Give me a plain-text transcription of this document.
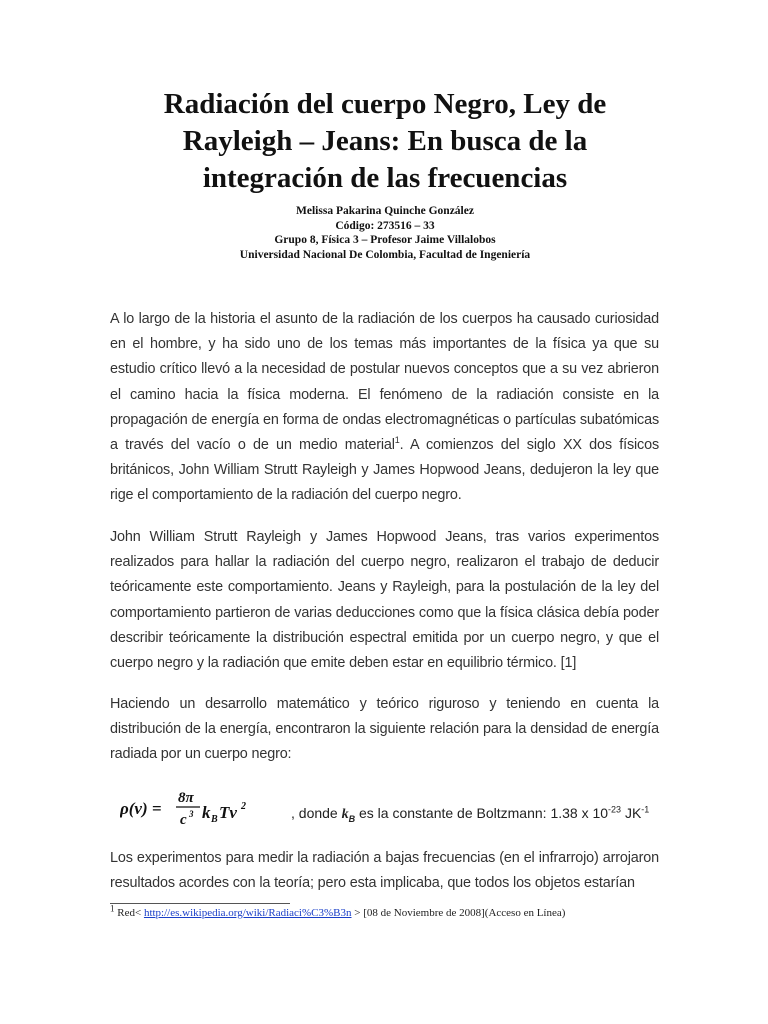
Radiación del cuerpo Negro, Ley de
Rayleigh – Jeans: En busca de la
integración de las frecuencias
Melissa Pakarina Quinche González
Código: 273516 – 33
Grupo 8, Física 3 – Profesor Jaime Villalobos
Universidad Nacional De Colombia, Facultad de Ingeniería
A lo largo de la historia el asunto de la radiación de los cuerpos ha causado curiosidad en el hombre, y ha sido uno de los temas más importantes de la física ya que su estudio crítico llevó a la necesidad de postular nuevos conceptos que a su vez abrieron el camino hacia la física moderna. El fenómeno de la radiación consiste en la propagación de energía en forma de ondas electromagnéticas o partículas subatómicas a través del vacío o de un medio material$^1$. A comienzos del siglo XX dos físicos británicos, John William Strutt Rayleigh y James Hopwood Jeans, dedujeron la ley que rige el comportamiento de la radiación del cuerpo negro.
John William Strutt Rayleigh y James Hopwood Jeans, tras varios experimentos realizados para hallar la radiación del cuerpo negro, realizaron el trabajo de deducir teóricamente este comportamiento. Jeans y Rayleigh, para la postulación de la ley del comportamiento partieron de varias deducciones como que la física clásica debía poder describir teóricamente la distribución espectral emitida por un cuerpo negro, y que el cuerpo negro y la radiación que emite deben estar en equilibrio térmico. [1]
Haciendo un desarrollo matemático y teórico riguroso y teniendo en cuenta la distribución de la energía, encontraron la siguiente relación para la densidad de energía radiada por un cuerpo negro:
ρ(ν) =
8π
c 3 k B Tν 2	, donde $k_B$ es la constante de Boltzmann: 1.38 x $10^{-23}$ $JK^{-1}$
Los experimentos para medir la radiación a bajas frecuencias (en el infrarrojo) arrojaron resultados acordes con la teoría; pero esta implicaba, que todos los objetos estarían
$^1$ Red< http://es.wikipedia.org/wiki/Radiaci%C3%B3n > [08 de Noviembre de 2008](Acceso en Línea)
